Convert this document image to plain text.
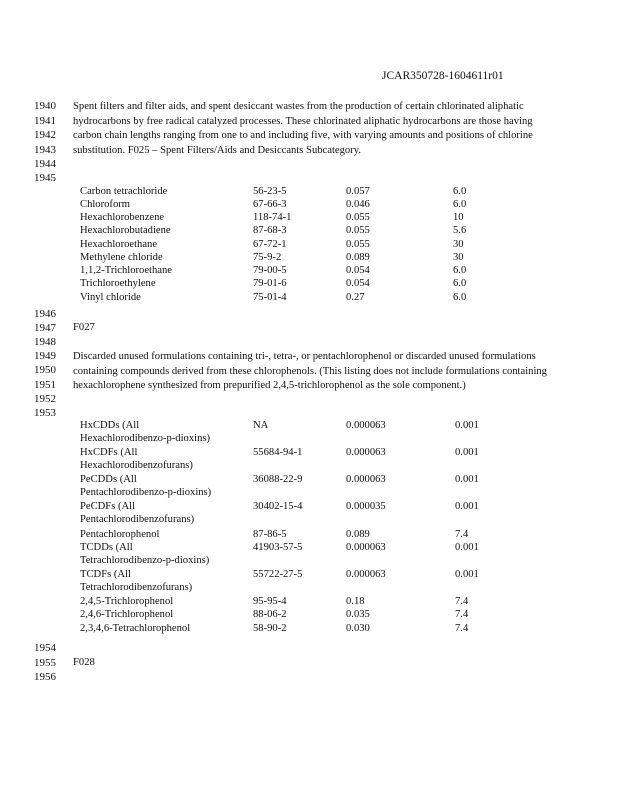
JCAR350728-1604611r01
1940
1941
1942
1943
1944
1945
1946
1947
1948
1949
1950
1951
1952
1953
1954
1955
1956

Spent filters and filter aids, and spent desiccant wastes from the production of certain chlorinated aliphatic hydrocarbons by free radical catalyzed processes. These chlorinated aliphatic hydrocarbons are those having carbon chain lengths ranging from one to and including five, with varying amounts and positions of chlorine substitution. F025 – Spent Filters/Aids and Desiccants Subcategory.

Carbon tetrachloride	56-23-5	0.057	6.0
Chloroform	67-66-3	0.046	6.0
Hexachlorobenzene	118-74-1	0.055	10
Hexachlorobutadiene	87-68-3	0.055	5.6
Hexachloroethane	67-72-1	0.055	30
Methylene chloride	75-9-2	0.089	30
1,1,2-Trichloroethane	79-00-5	0.054	6.0
Trichloroethylene	79-01-6	0.054	6.0
Vinyl chloride	75-01-4	0.27	6.0
F027

Discarded unused formulations containing tri-, tetra-, or pentachlorophenol or discarded unused formulations containing compounds derived from these chlorophenols. (This listing does not include formulations containing hexachlorophene synthesized from prepurified 2,4,5-trichlorophenol as the sole component.)

HxCDDs (All
Hexachlorodibenzo-p-dioxins)
NA	0.000063	0.001
HxCDFs (All
Hexachlorodibenzofurans)
55684-94-1	0.000063	0.001
PeCDDs (All
Pentachlorodibenzo-p-dioxins)
36088-22-9	0.000063	0.001
PeCDFs (All
Pentachlorodibenzofurans)
30402-15-4	0.000035	0.001
Pentachlorophenol	87-86-5	0.089	7.4
TCDDs (All
Tetrachlorodibenzo-p-dioxins)
41903-57-5	0.000063	0.001
TCDFs (All
Tetrachlorodibenzofurans)
55722-27-5	0.000063	0.001
2,4,5-Trichlorophenol	95-95-4	0.18	7.4
2,4,6-Trichlorophenol	88-06-2	0.035	7.4
2,3,4,6-Tetrachlorophenol	58-90-2	0.030	7.4
F028
